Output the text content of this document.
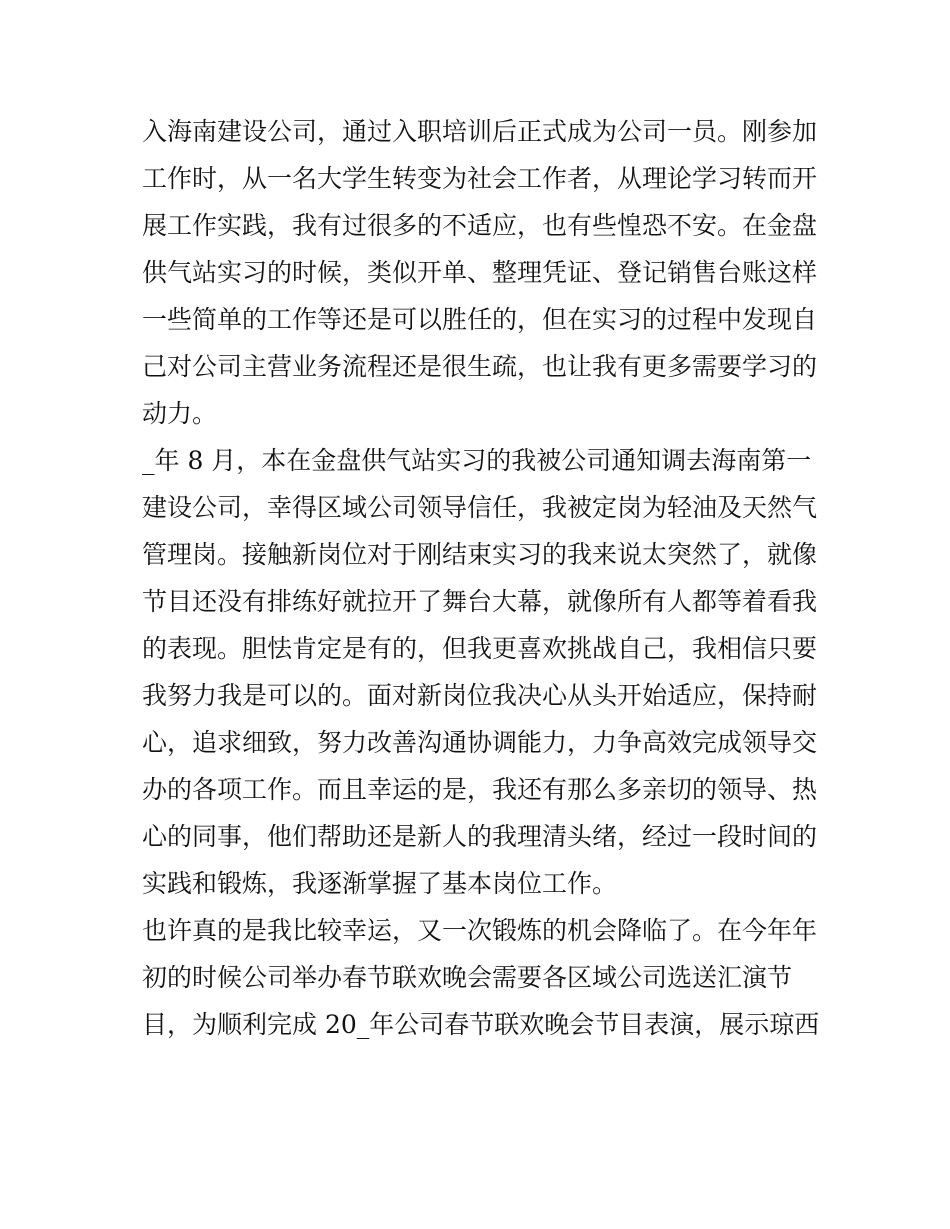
入海南建设公司，通过入职培训后正式成为公司一员。刚参加
工作时，从一名大学生转变为社会工作者，从理论学习转而开
展工作实践，我有过很多的不适应，也有些惶恐不安。在金盘
供气站实习的时候，类似开单、整理凭证、登记销售台账这样
一些简单的工作等还是可以胜任的，但在实习的过程中发现自
己对公司主营业务流程还是很生疏，也让我有更多需要学习的
动力。
_年 8 月，本在金盘供气站实习的我被公司通知调去海南第一
建设公司，幸得区域公司领导信任，我被定岗为轻油及天然气
管理岗。接触新岗位对于刚结束实习的我来说太突然了，就像
节目还没有排练好就拉开了舞台大幕，就像所有人都等着看我
的表现。胆怯肯定是有的，但我更喜欢挑战自己，我相信只要
我努力我是可以的。面对新岗位我决心从头开始适应，保持耐
心，追求细致，努力改善沟通协调能力，力争高效完成领导交
办的各项工作。而且幸运的是，我还有那么多亲切的领导、热
心的同事，他们帮助还是新人的我理清头绪，经过一段时间的
实践和锻炼，我逐渐掌握了基本岗位工作。
也许真的是我比较幸运，又一次锻炼的机会降临了。在今年年
初的时候公司举办春节联欢晚会需要各区域公司选送汇演节
目，为顺利完成 20_年公司春节联欢晚会节目表演，展示琼西
